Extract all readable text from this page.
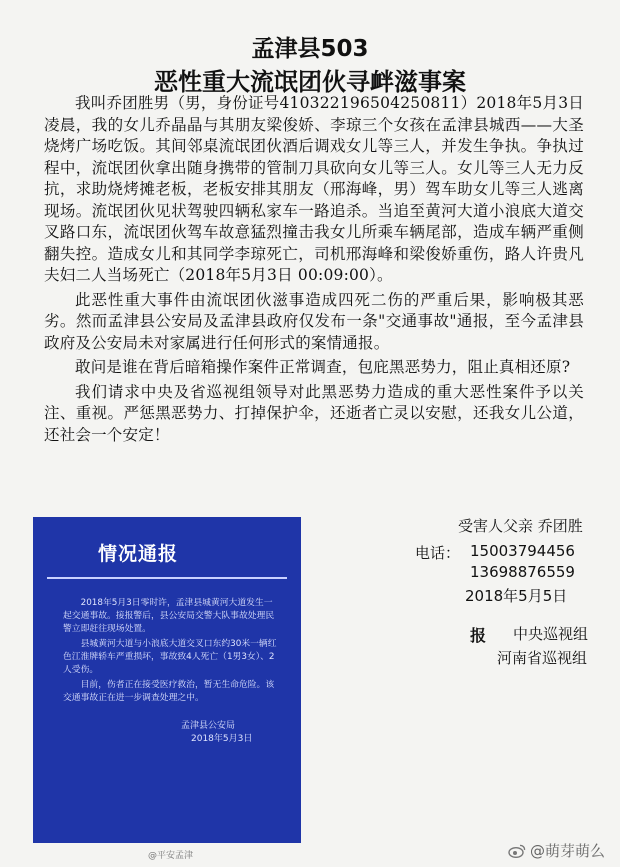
孟津县503
恶性重大流氓团伙寻衅滋事案

我叫乔团胜男（男，身份证号410322196504250811）2018年5月3日凌晨，我的女儿乔晶晶与其朋友梁俊娇、李琼三个女孩在孟津县城西——大圣烧烤广场吃饭。其间邻桌流氓团伙酒后调戏女儿等三人，并发生争执。争执过程中，流氓团伙拿出随身携带的管制刀具砍向女儿等三人。女儿等三人无力反抗，求助烧烤摊老板，老板安排其朋友（邢海峰，男）驾车助女儿等三人逃离现场。流氓团伙见状驾驶四辆私家车一路追杀。当追至黄河大道小浪底大道交叉路口东，流氓团伙驾车故意猛烈撞击我女儿所乘车辆尾部，造成车辆严重侧翻失控。造成女儿和其同学李琼死亡，司机邢海峰和梁俊娇重伤，路人许贵凡夫妇二人当场死亡（2018年5月3日 00:09:00）。

此恶性重大事件由流氓团伙滋事造成四死二伤的严重后果，影响极其恶劣。然而孟津县公安局及孟津县政府仅发布一条"交通事故"通报，至今孟津县政府及公安局未对家属进行任何形式的案情通报。

敢问是谁在背后暗箱操作案件正常调查，包庇黑恶势力，阻止真相还原?

我们请求中央及省巡视组领导对此黑恶势力造成的重大恶性案件予以关注、重视。严惩黑恶势力、打掉保护伞，还逝者亡灵以安慰，还我女儿公道，还社会一个安定！

情况通报

2018年5月3日零时许，孟津县城黄河大道发生一起交通事故。接报警后，县公安局交警大队事故处理民警立即赶往现场处置。

县城黄河大道与小浪底大道交叉口东约30米一辆红色江淮牌轿车严重损坏，事故致4人死亡（1男3女）、2人受伤。

目前，伤者正在接受医疗救治，暂无生命危险。该交通事故正在进一步调查处理之中。

孟津县公安局
2018年5月3日
受害人父亲 乔团胜
电话： 15003794456
13698876559
2018年5月5日
报 中央巡视组
河南省巡视组
@平安孟津	@萌芽萌么
